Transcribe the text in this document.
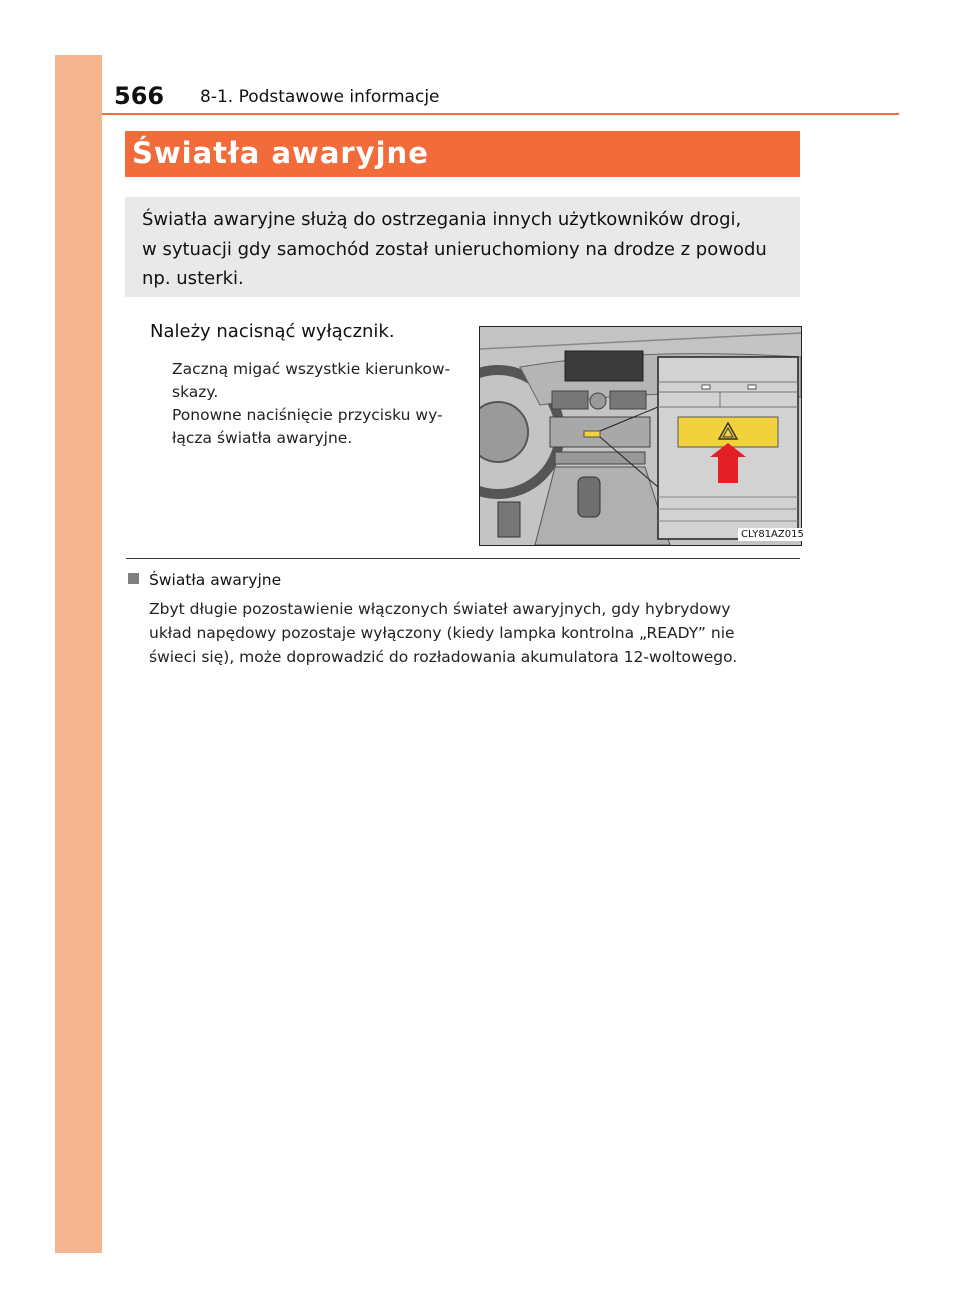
566 8-1. Podstawowe informacje
Światła awaryjne
Światła awaryjne służą do ostrzegania innych użytkowników drogi,
w sytuacji gdy samochód został unieruchomiony na drodze z powodu
np. usterki.
Należy nacisnąć wyłącznik.
Zaczną migać wszystkie kierunkow-
skazy.
Ponowne naciśnięcie przycisku wy-
łącza światła awaryjne.
CLY81AZ015
Światła awaryjne
Zbyt długie pozostawienie włączonych świateł awaryjnych, gdy hybrydowy
układ napędowy pozostaje wyłączony (kiedy lampka kontrolna „READY” nie
świeci się), może doprowadzić do rozładowania akumulatora 12-woltowego.
